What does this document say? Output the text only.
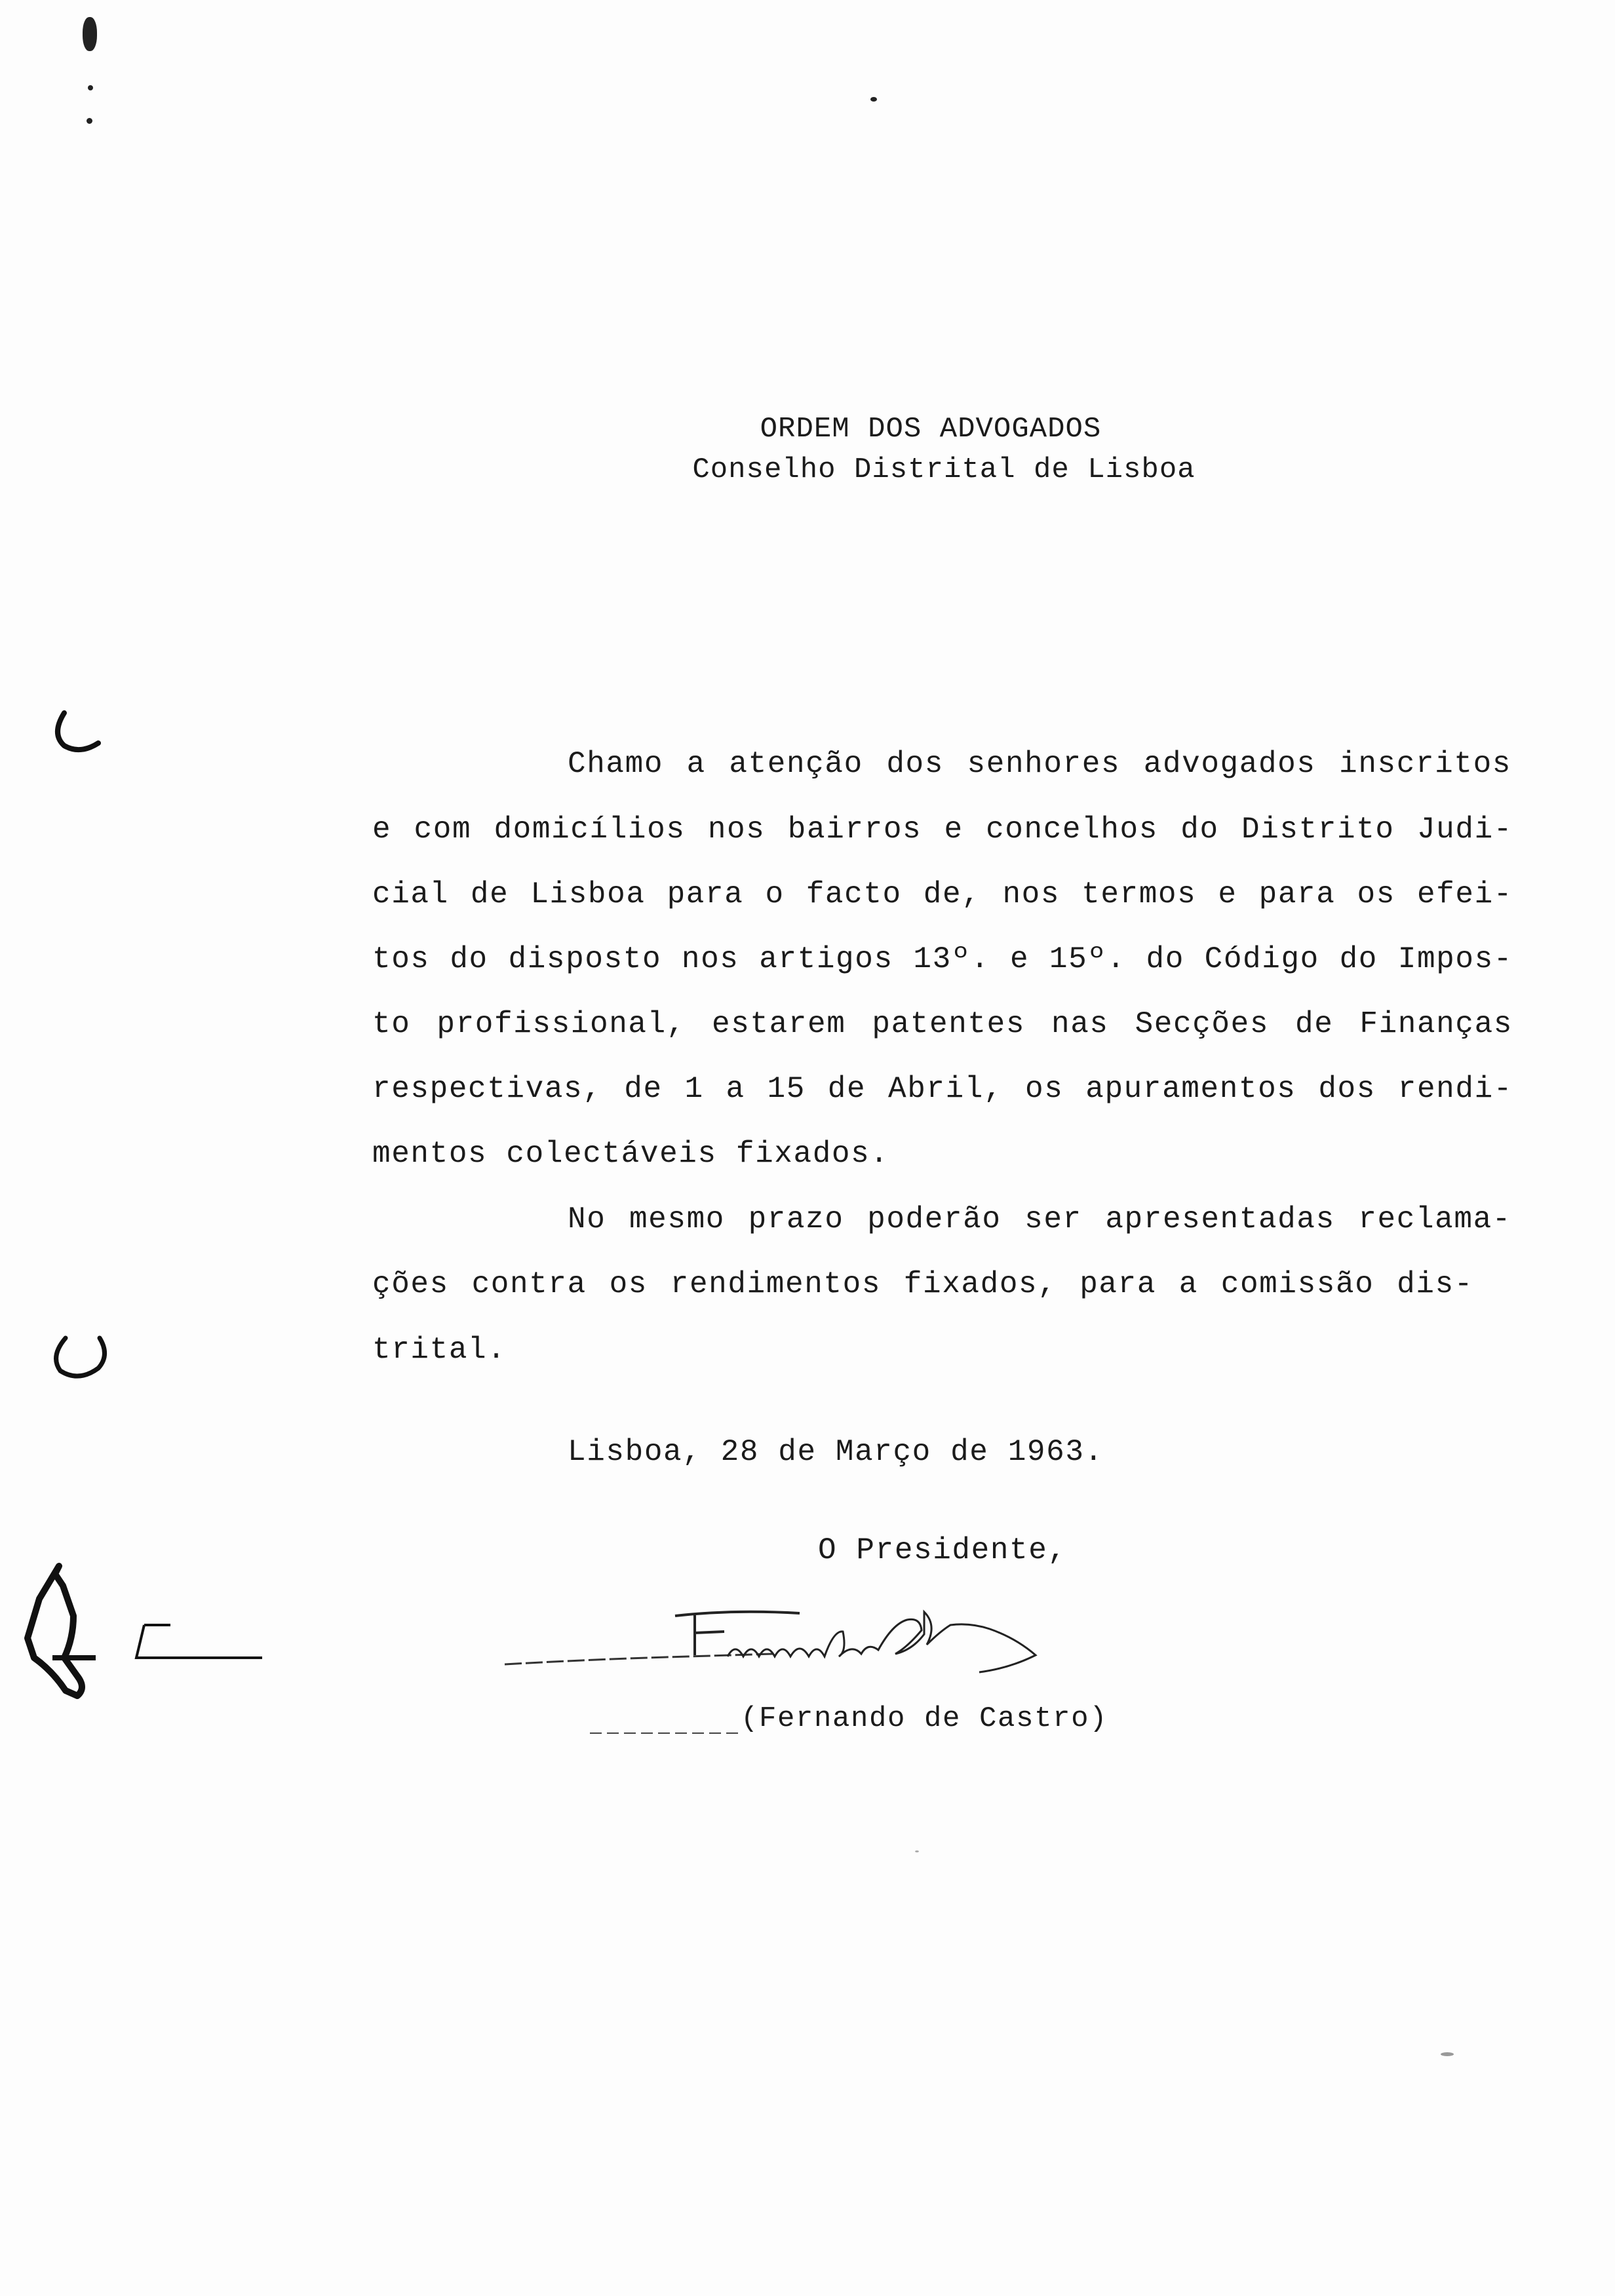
ORDEM DOS ADVOGADOS
Conselho Distrital de Lisboa
Chamo a atenção dos senhores advogados inscritos
e com domicílios nos bairros e concelhos do Distrito Judi-
cial de Lisboa para o facto de, nos termos e para os efei-
tos do disposto nos artigos 13º. e 15º. do Código do Impos-
to profissional, estarem patentes nas Secções de Finanças
respectivas, de 1 a 15 de Abril, os apuramentos dos rendi-
mentos colectáveis fixados.
No mesmo prazo poderão ser apresentadas reclama-
ções contra os rendimentos fixados, para a comissão dis-
trital.
Lisboa, 28 de Março de 1963.
O Presidente,
Fernando de Castro
(Fernando de Castro)
